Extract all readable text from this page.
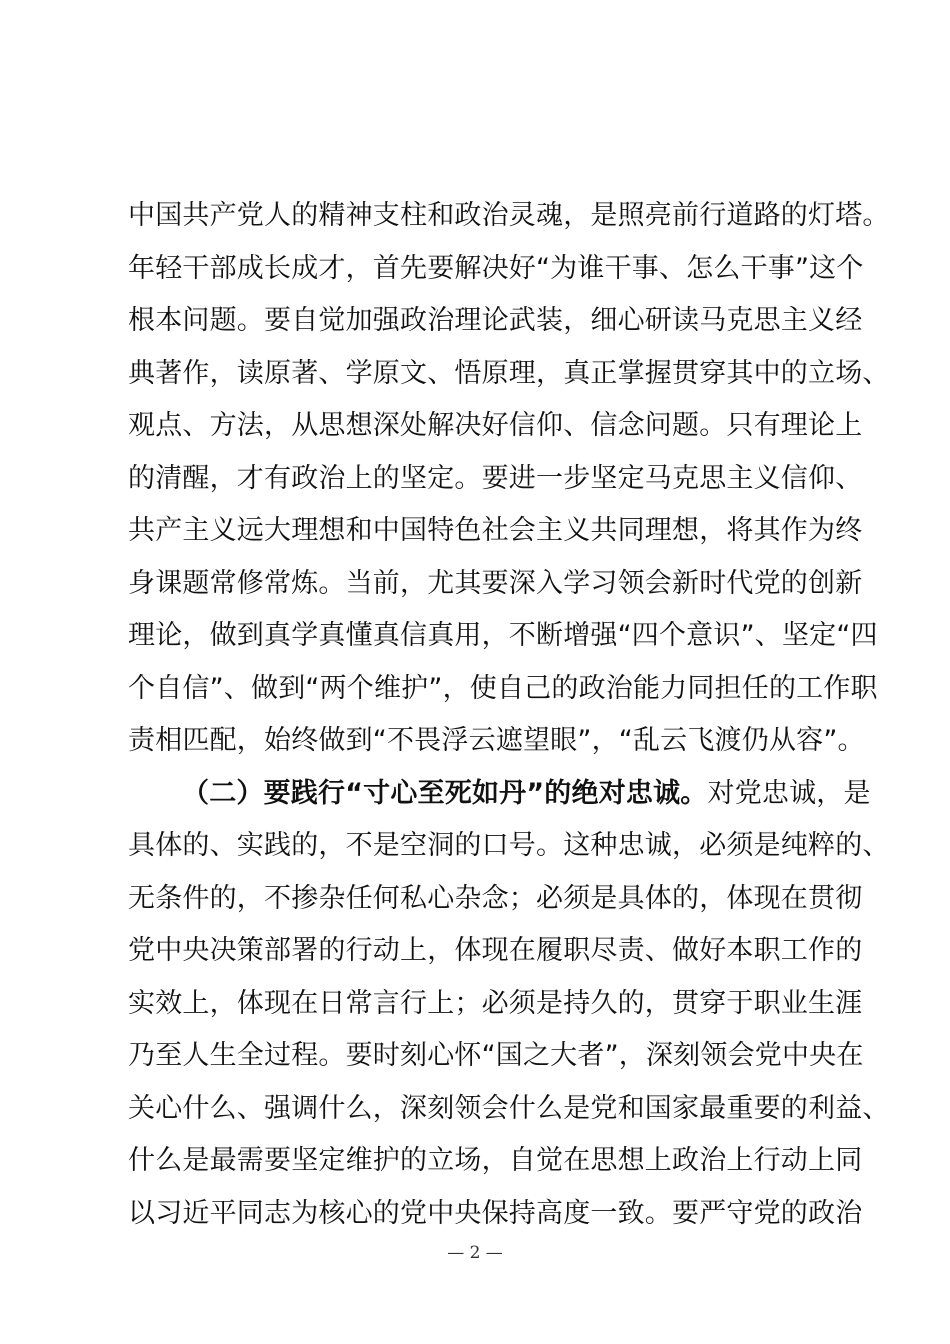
中国共产党人的精神支柱和政治灵魂，是照亮前行道路的灯塔。
年轻干部成长成才，首先要解决好“为谁干事、怎么干事”这个
根本问题。要自觉加强政治理论武装，细心研读马克思主义经
典著作，读原著、学原文、悟原理，真正掌握贯穿其中的立场、
观点、方法，从思想深处解决好信仰、信念问题。只有理论上
的清醒，才有政治上的坚定。要进一步坚定马克思主义信仰、
共产主义远大理想和中国特色社会主义共同理想，将其作为终
身课题常修常炼。当前，尤其要深入学习领会新时代党的创新
理论，做到真学真懂真信真用，不断增强“四个意识”、坚定“四
个自信”、做到“两个维护”，使自己的政治能力同担任的工作职
责相匹配，始终做到“不畏浮云遮望眼”，“乱云飞渡仍从容”。
（二）要践行“寸心至死如丹”的绝对忠诚。对党忠诚，是
具体的、实践的，不是空洞的口号。这种忠诚，必须是纯粹的、
无条件的，不掺杂任何私心杂念；必须是具体的，体现在贯彻
党中央决策部署的行动上，体现在履职尽责、做好本职工作的
实效上，体现在日常言行上；必须是持久的，贯穿于职业生涯
乃至人生全过程。要时刻心怀“国之大者”，深刻领会党中央在
关心什么、强调什么，深刻领会什么是党和国家最重要的利益、
什么是最需要坚定维护的立场，自觉在思想上政治上行动上同
以习近平同志为核心的党中央保持高度一致。要严守党的政治
— 2 —
